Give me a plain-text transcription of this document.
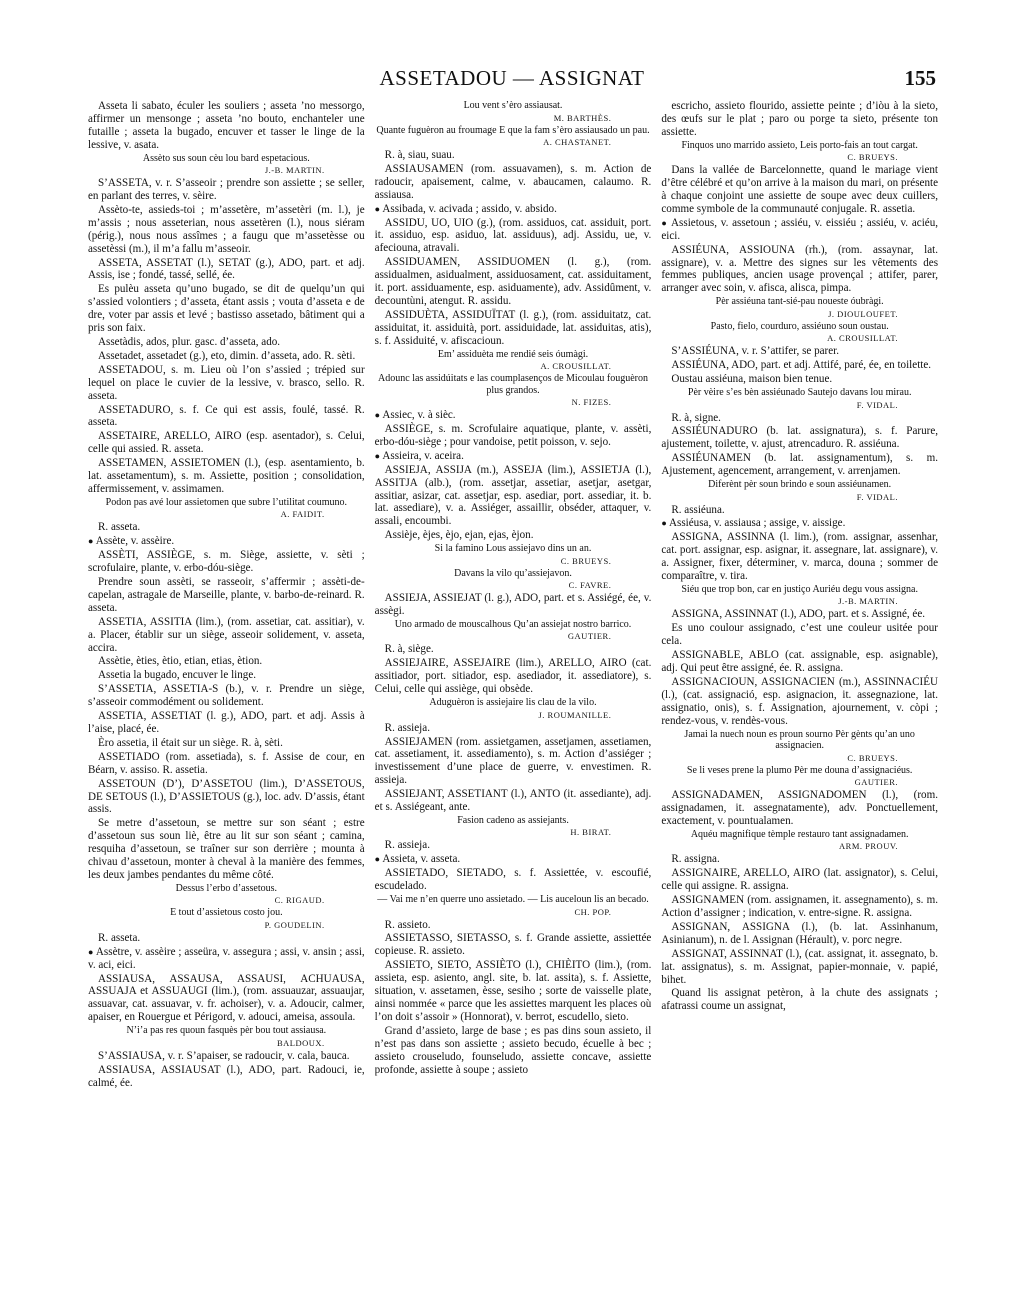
ASSETADOU — ASSIGNAT	155
Asseta li sabato, éculer les souliers ; asseta ’no messorgo, affirmer un mensonge ; asseta ’no bouto, enchanteler une futaille ; asseta la bugado, encuver et tasser le linge de la lessive, v. asata.
Assèto sus soun cèu lou bard espetacious.
J.-B. MARTIN.
S’ASSETA, v. r. S’asseoir ; prendre son assiette ; se seller, en parlant des terres, v. sèire.
Assèto-te, assieds-toi ; m’assetère, m’assetèri (m. l.), je m’assis ; nous asseterian, nous assetèren (l.), nous siéram (périg.), nous nous assîmes ; a faugu que m’assetèsse ou assetèssi (m.), il m’a fallu m’asseoir.
ASSETA, ASSETAT (l.), SETAT (g.), ADO, part. et adj. Assis, ise ; fondé, tassé, sellé, ée.
Es pulèu asseta qu’uno bugado, se dit de quelqu’un qui s’assied volontiers ; d’asseta, étant assis ; vouta d’asseta e de dre, voter par assis et levé ; bastisso assetado, bâtiment qui a pris son faix.
Assetàdis, ados, plur. gasc. d’asseta, ado.
Assetadet, assetadet (g.), eto, dimin. d’asseta, ado. R. sèti.
ASSETADOU, s. m. Lieu où l’on s’assied ; trépied sur lequel on place le cuvier de la lessive, v. brasco, sello. R. asseta.
ASSETADURO, s. f. Ce qui est assis, foulé, tassé. R. asseta.
ASSETAIRE, ARELLO, AIRO (esp. asentador), s. Celui, celle qui assied. R. asseta.
ASSETAMEN, ASSIETOMEN (l.), (esp. asentamiento, b. lat. assetamentum), s. m. Assiette, position ; consolidation, affermissement, v. assimamen.
Podon pas avé lour assietomen que subre l’utilitat coumuno.
A. FAIDIT.
R. asseta.
● Assète, v. assèire.
ASSÈTI, ASSIÈGE, s. m. Siège, assiette, v. sèti ; scrofulaire, plante, v. erbo-dóu-siège.
Prendre soun assèti, se rasseoir, s’affermir ; assèti-de-capelan, astragale de Marseille, plante, v. barbo-de-reinard. R. asseta.
ASSETIA, ASSITIA (lim.), (rom. assetiar, cat. assitiar), v. a. Placer, établir sur un siège, asseoir solidement, v. asseta, accira.
Assètie, èties, ètio, etian, etias, ètion.
Assetia la bugado, encuver le linge.
S’ASSETIA, ASSETIA-S (b.), v. r. Prendre un siège, s’asseoir commodément ou solidement.
ASSETIA, ASSETIAT (l. g.), ADO, part. et adj. Assis à l’aise, placé, ée.
Èro assetia, il était sur un siège. R. à, sèti.
ASSETIADO (rom. assetiada), s. f. Assise de cour, en Béarn, v. assiso. R. assetia.
ASSETOUN (D’), D’ASSETOU (lim.), D’ASSETOUS, DE SETOUS (l.), D’ASSIETOUS (g.), loc. adv. D’assis, étant assis.
Se metre d’assetoun, se mettre sur son séant ; estre d’assetoun sus soun liè, être au lit sur son séant ; camina, resquiha d’assetoun, se traîner sur son derrière ; mounta à chivau d’assetoun, monter à cheval à la manière des femmes, les deux jambes pendantes du même côté.
Dessus l’erbo d’assetous.
C. RIGAUD.
E tout d’assietous costo jou.
P. GOUDELIN.
R. asseta.
● Assètre, v. assèire ; asseüra, v. assegura ; assi, v. ansin ; assi, v. aci, eici.
ASSIAUSA, ASSAUSA, ASSAUSI, ACHUAUSA, ASSUAJA et ASSUAUGI (lim.), (rom. assuauzar, assuaujar, assuavar, cat. assuavar, v. fr. achoiser), v. a. Adoucir, calmer, apaiser, en Rouergue et Périgord, v. adouci, ameisa, assoula.
N’i’a pas res quoun fasquès pèr bou tout assiausa.
BALDOUX.
S’ASSIAUSA, v. r. S’apaiser, se radoucir, v. cala, bauca.
ASSIAUSA, ASSIAUSAT (l.), ADO, part. Radouci, ie, calmé, ée.
Lou vent s’èro assiausat.
M. BARTHÈS.
Quante fuguèron au froumage E que la fam s’èro assiausado un pau.
A. CHASTANET.
R. à, siau, suau.
ASSIAUSAMEN (rom. assuavamen), s. m. Action de radoucir, apaisement, calme, v. abaucamen, calaumo. R. assiausa.
● Assibada, v. acivada ; assido, v. absido.
ASSIDU, UO, UIO (g.), (rom. assiduos, cat. assiduit, port. it. assiduo, esp. asiduo, lat. assiduus), adj. Assidu, ue, v. afeciouna, atravali.
ASSIDUAMEN, ASSIDUOMEN (l. g.), (rom. assidualmen, asidualment, assiduosament, cat. assiduitament, it. port. assiduamente, esp. asiduamente), adv. Assidûment, v. decountùni, atengut. R. assidu.
ASSIDUÈTA, ASSIDUÏTAT (l. g.), (rom. assiduitatz, cat. assiduitat, it. assiduità, port. assiduidade, lat. assiduitas, atis), s. f. Assiduité, v. afiscacioun.
Em’ assiduèta me rendié seis óumàgi.
A. CROUSILLAT.
Adounc las assidúitats e las coumplasenços de Micoulau fouguèron plus grandos.
N. FIZES.
● Assiec, v. à sièc.
ASSIÈGE, s. m. Scrofulaire aquatique, plante, v. assèti, erbo-dóu-siège ; pour vandoise, petit poisson, v. sejo.
● Assieira, v. aceira.
ASSIEJA, ASSIJA (m.), ASSEJA (lim.), ASSIETJA (l.), ASSITJA (alb.), (rom. assetjar, assetiar, asetjar, asetgar, assitiar, asizar, cat. assetjar, esp. asediar, port. assediar, it. b. lat. assediare), v. a. Assiéger, assaillir, obséder, attaquer, v. assali, encoumbi.
Assièje, èjes, èjo, ejan, ejas, èjon.
Si la famino Lous assiejavo dins un an.
C. BRUEYS.
Davans la vilo qu’assiejavon.
C. FAVRE.
ASSIEJA, ASSIEJAT (l. g.), ADO, part. et s. Assiégé, ée, v. assègi.
Uno armado de mouscalhous Qu’an assiejat nostro barrico.
GAUTIER.
R. à, siège.
ASSIEJAIRE, ASSEJAIRE (lim.), ARELLO, AIRO (cat. assitiador, port. sitiador, esp. asediador, it. assediatore), s. Celui, celle qui assiège, qui obsède.
Aduguèron is assiejaire lis clau de la vilo.
J. ROUMANILLE.
R. assieja.
ASSIEJAMEN (rom. assietgamen, assetjamen, assetiamen, cat. assetiament, it. assediamento), s. m. Action d’assiéger ; investissement d’une place de guerre, v. envestimen. R. assieja.
ASSIEJANT, ASSETIANT (l.), ANTO (it. assediante), adj. et s. Assiégeant, ante.
Fasion cadeno as assiejants.
H. BIRAT.
R. assieja.
● Assieta, v. asseta.
ASSIETADO, SIETADO, s. f. Assiettée, v. escoufié, escudelado.
— Vai me n’en querre uno assietado. — Lis auceloun lis an becado.
CH. POP.
R. assieto.
ASSIETASSO, SIETASSO, s. f. Grande assiette, assiettée copieuse. R. assieto.
ASSIETO, SIETO, ASSIÈTO (l.), CHIÈITO (lim.), (rom. assieta, esp. asiento, angl. site, b. lat. assita), s. f. Assiette, situation, v. assetamen, èsse, sesiho ; sorte de vaisselle plate, ainsi nommée « parce que les assiettes marquent les places où l’on doit s’assoir » (Honnorat), v. berrot, escudello, sieto.
Grand d’assieto, large de base ; es pas dins soun assieto, il n’est pas dans son assiette ; assieto becudo, écuelle à bec ; assieto crouseludo, founseludo, assiette concave, assiette profonde, assiette à soupe ; assieto
escricho, assieto flourido, assiette peinte ; d’iòu à la sieto, des œufs sur le plat ; paro ou porge ta sieto, présente ton assiette.
Finquos uno marrido assieto, Leis porto-fais an tout cargat.
C. BRUEYS.
Dans la vallée de Barcelonnette, quand le mariage vient d’être célébré et qu’on arrive à la maison du mari, on présente à chaque conjoint une assiette de soupe avec deux cuillers, comme symbole de la communauté conjugale. R. assetia.
● Assietous, v. assetoun ; assiéu, v. eissiéu ; assiéu, v. aciéu, eici.
ASSIÉUNA, ASSIOUNA (rh.), (rom. assaynar, lat. assignare), v. a. Mettre des signes sur les vêtements des femmes publiques, ancien usage provençal ; attifer, parer, arranger avec soin, v. afisca, alisca, pimpa.
Pèr assiéuna tant-sié-pau noueste óubràgi.
J. DIOULOUFET.
Pasto, fielo, courduro, assiéuno soun oustau.
A. CROUSILLAT.
S’ASSIÉUNA, v. r. S’attifer, se parer.
ASSIÉUNA, ADO, part. et adj. Attifé, paré, ée, en toilette.
Oustau assiéuna, maison bien tenue.
Pèr vèire s’es bèn assiéunado Sautejo davans lou mirau.
F. VIDAL.
R. à, signe.
ASSIÉUNADURO (b. lat. assignatura), s. f. Parure, ajustement, toilette, v. ajust, atrencaduro. R. assiéuna.
ASSIÉUNAMEN (b. lat. assignamentum), s. m. Ajustement, agencement, arrangement, v. arrenjamen.
Diferènt pèr soun brindo e soun assiéunamen.
F. VIDAL.
R. assiéuna.
● Assiéusa, v. assiausa ; assige, v. aissige.
ASSIGNA, ASSINNA (l. lim.), (rom. assignar, assenhar, cat. port. assignar, esp. asignar, it. assegnare, lat. assignare), v. a. Assigner, fixer, déterminer, v. marca, douna ; sommer de comparaître, v. tira.
Siéu que trop bon, car en justiço Auriéu degu vous assigna.
J.-B. MARTIN.
ASSIGNA, ASSINNAT (l.), ADO, part. et s. Assigné, ée.
Es uno coulour assignado, c’est une couleur usitée pour cela.
ASSIGNABLE, ABLO (cat. assignable, esp. asignable), adj. Qui peut être assigné, ée. R. assigna.
ASSIGNACIOUN, ASSIGNACIEN (m.), ASSINNACIÉU (l.), (cat. assignació, esp. asignacion, it. assegnazione, lat. assignatio, onis), s. f. Assignation, ajournement, v. còpi ; rendez-vous, v. rendès-vous.
Jamai la nuech noun es proun sourno Pèr gènts qu’an uno assignacien.
C. BRUEYS.
Se li veses prene la plumo Pèr me douna d’assignaciéus.
GAUTIER.
ASSIGNADAMEN, ASSIGNADOMEN (l.), (rom. assignadamen, it. assegnatamente), adv. Ponctuellement, exactement, v. pountualamen.
Aquéu magnifique tèmple restauro tant assignadamen.
ARM. PROUV.
R. assigna.
ASSIGNAIRE, ARELLO, AIRO (lat. assignator), s. Celui, celle qui assigne. R. assigna.
ASSIGNAMEN (rom. assignamen, it. assegnamento), s. m. Action d’assigner ; indication, v. entre-signe. R. assigna.
ASSIGNAN, ASSIGNA (l.), (b. lat. Assinhanum, Asinianum), n. de l. Assignan (Hérault), v. porc negre.
ASSIGNAT, ASSINNAT (l.), (cat. assignat, it. assegnato, b. lat. assignatus), s. m. Assignat, papier-monnaie, v. papié, bihet.
Quand lis assignat petèron, à la chute des assignats ; afatrassi coume un assignat,
